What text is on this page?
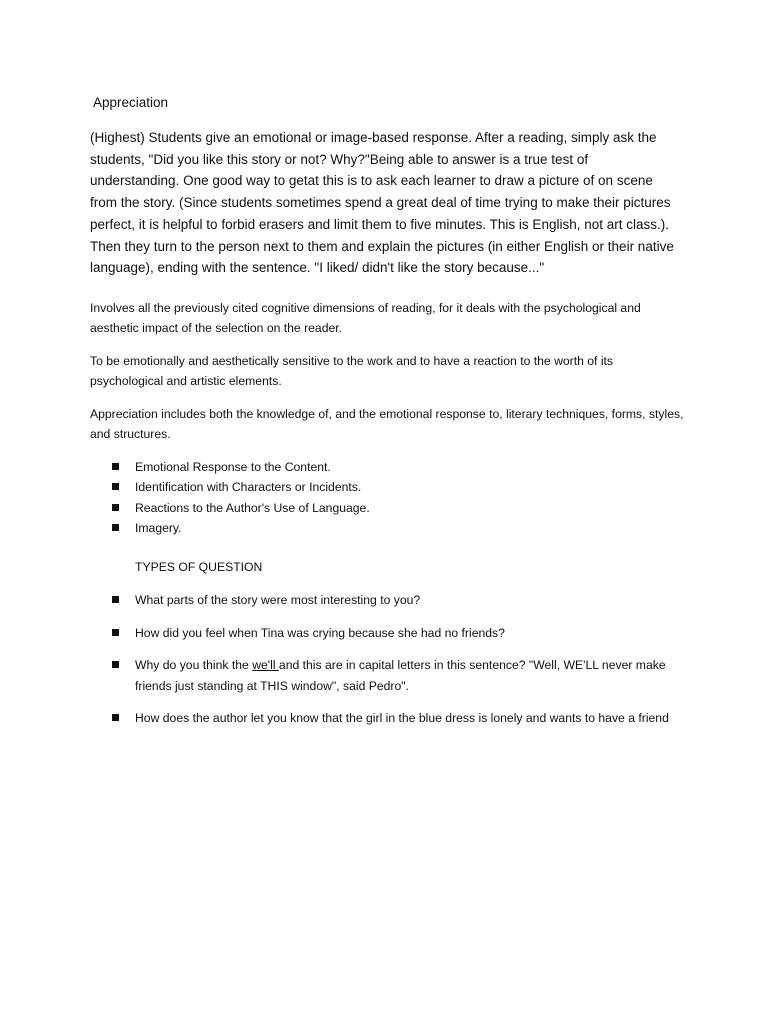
Appreciation

(Highest) Students give an emotional or image-based response. After a reading, simply ask the students, "Did you like this story or not? Why?"Being able to answer is a true test of understanding. One good way to getat this is to ask each learner to draw a picture of on scene from the story. (Since students sometimes spend a great deal of time trying to make their pictures perfect, it is helpful to forbid erasers and limit them to five minutes. This is English, not art class.). Then they turn to the person next to them and explain the pictures (in either English or their native language), ending with the sentence. "I liked/ didn't like the story because..."

Involves all the previously cited cognitive dimensions of reading, for it deals with the psychological and aesthetic impact of the selection on the reader.

To be emotionally and aesthetically sensitive to the work and to have a reaction to the worth of its psychological and artistic elements.

Appreciation includes both the knowledge of, and the emotional response to, literary techniques, forms, styles, and structures.

Emotional Response to the Content.
Identification with Characters or Incidents.
Reactions to the Author's Use of Language.
Imagery.

TYPES OF QUESTION

What parts of the story were most interesting to you?
How did you feel when Tina was crying because she had no friends?
Why do you think the we'll and this are in capital letters in this sentence? "Well, WE'LL never make friends just standing at THIS window", said Pedro".
How does the author let you know that the girl in the blue dress is lonely and wants to have a friend
